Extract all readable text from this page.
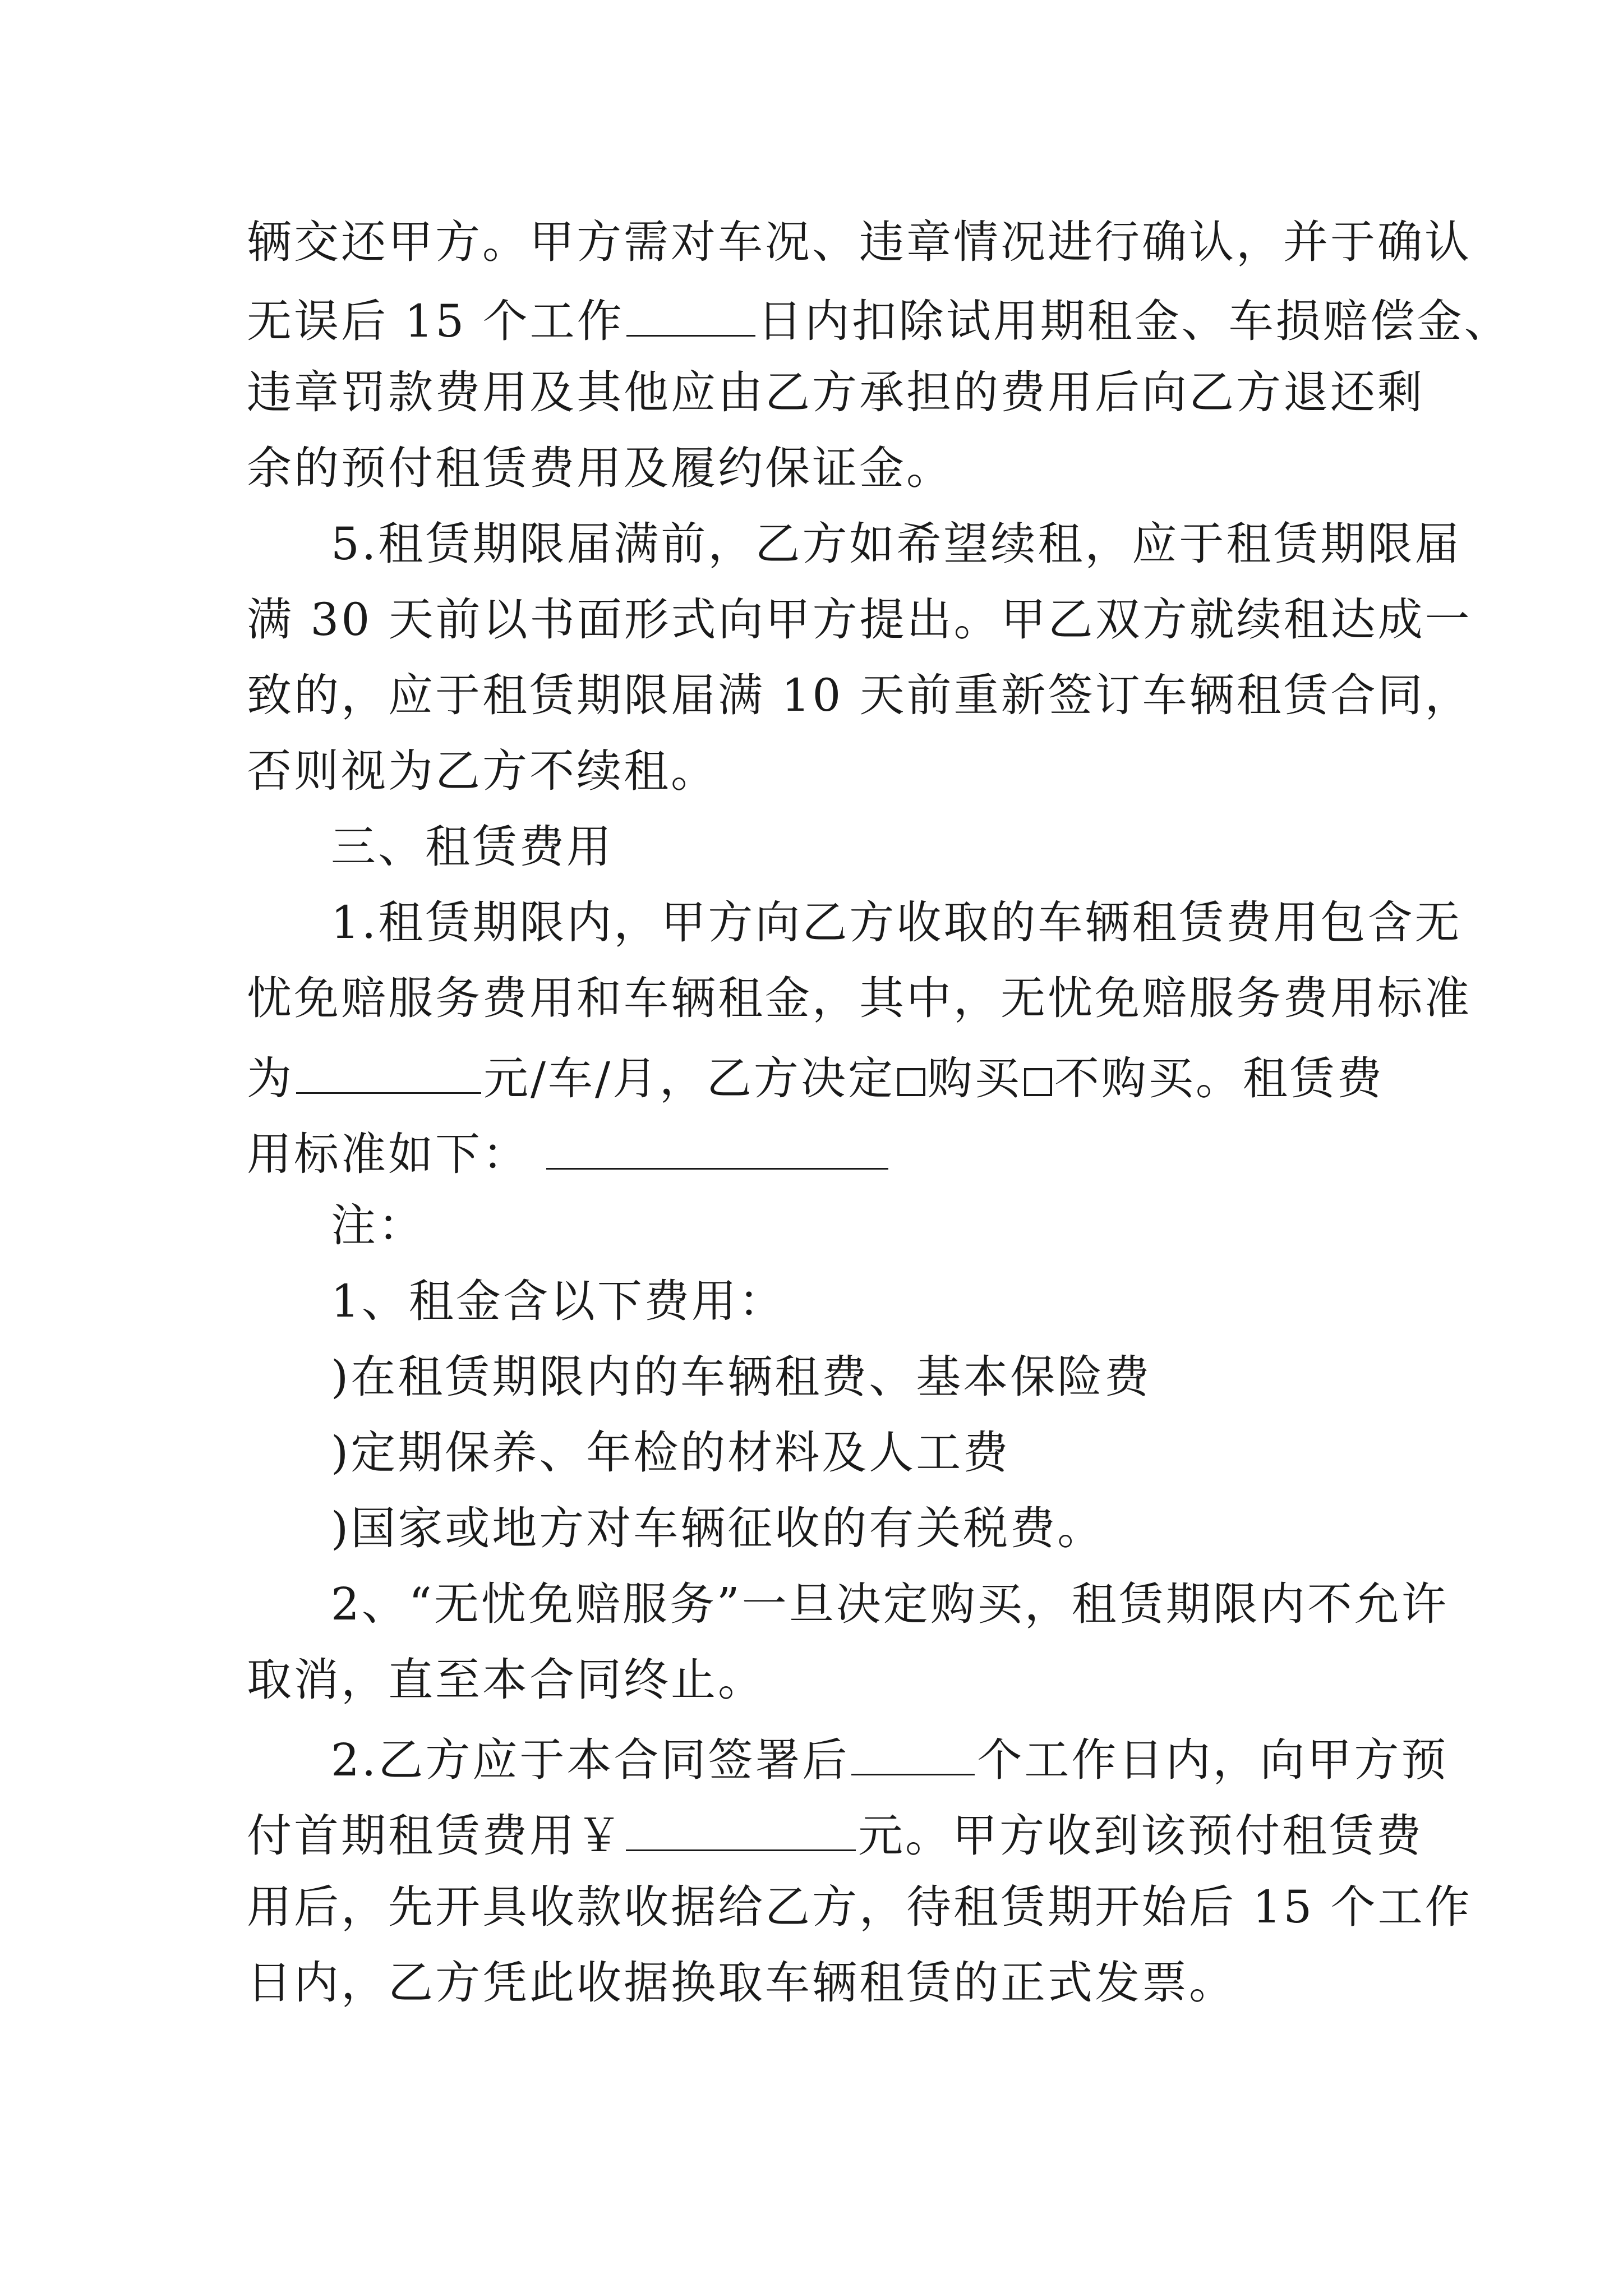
辆交还甲方。甲方需对车况、违章情况进行确认，并于确认
无误后 15 个工作	日内扣除试用期租金、车损赔偿金、
违章罚款费用及其他应由乙方承担的费用后向乙方退还剩
余的预付租赁费用及履约保证金。
5.租赁期限届满前，乙方如希望续租，应于租赁期限届
满 30 天前以书面形式向甲方提出。甲乙双方就续租达成一
致的，应于租赁期限届满 10 天前重新签订车辆租赁合同，
否则视为乙方不续租。
三、租赁费用
1.租赁期限内，甲方向乙方收取的车辆租赁费用包含无
忧免赔服务费用和车辆租金，其中，无忧免赔服务费用标准
为	元/车/月，乙方决定 购买 不购买。租赁费
用标准如下：
注：
1、租金含以下费用：
)在租赁期限内的车辆租费、基本保险费
)定期保养、年检的材料及人工费
)国家或地方对车辆征收的有关税费。
2、“无忧免赔服务”一旦决定购买，租赁期限内不允许
取消，直至本合同终止。
2.乙方应于本合同签署后	个工作日内，向甲方预
付首期租赁费用￥	元。甲方收到该预付租赁费
用后，先开具收款收据给乙方，待租赁期开始后 15 个工作
日内，乙方凭此收据换取车辆租赁的正式发票。
